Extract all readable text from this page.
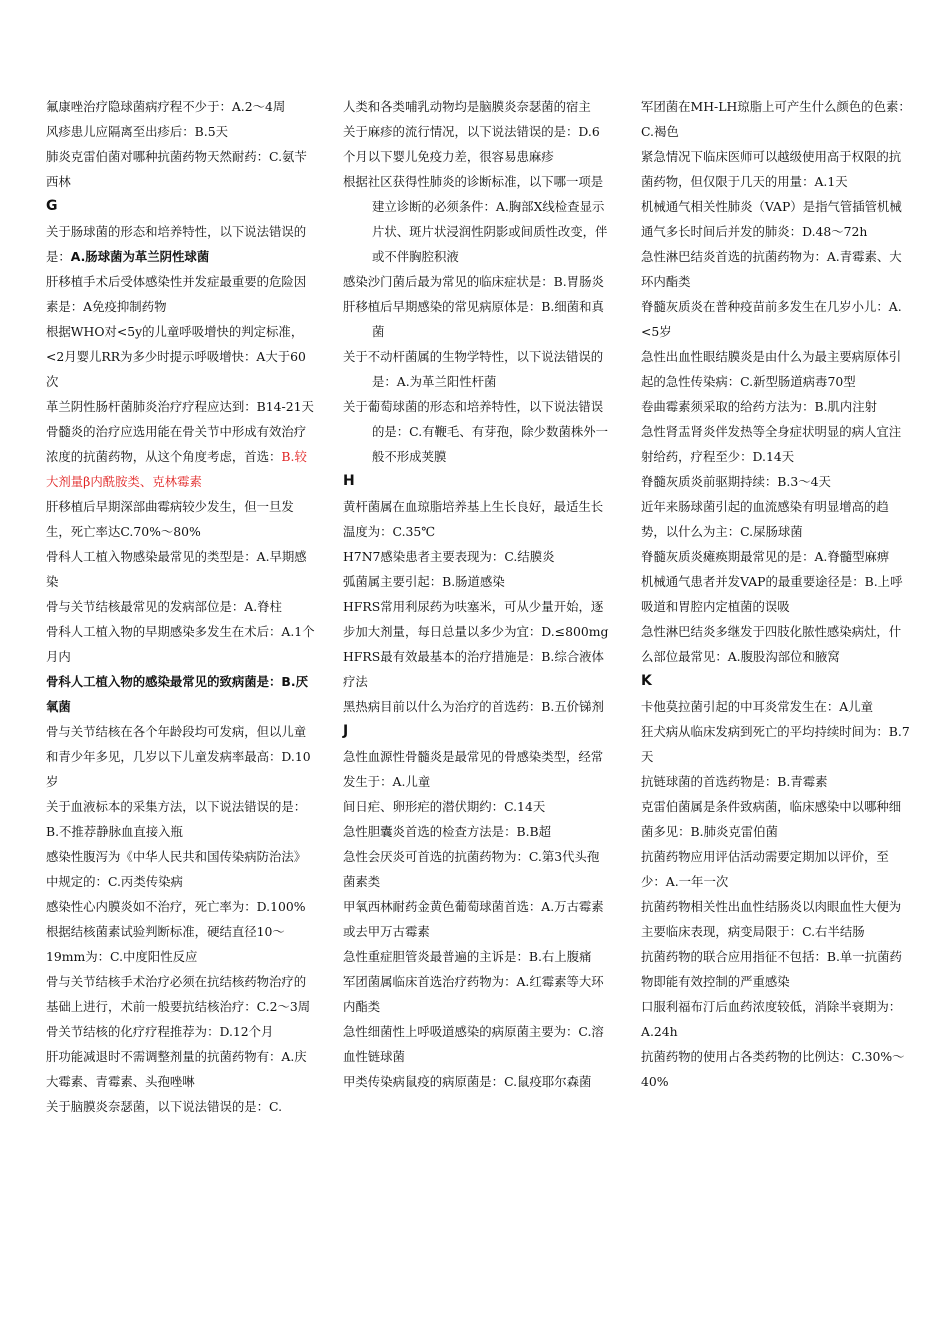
氟康唑治疗隐球菌病疗程不少于：A.2～4周

风疹患儿应隔离至出疹后：B.5天

肺炎克雷伯菌对哪种抗菌药物天然耐药：C.氨苄西林

G

关于肠球菌的形态和培养特性，以下说法错误的是：A.肠球菌为革兰阴性球菌

肝移植手术后受体感染性并发症最重要的危险因素是：A免疫抑制药物

根据WHO对<5y的儿童呼吸增快的判定标准，<2月婴儿RR为多少时提示呼吸增快：A大于60次

革兰阴性肠杆菌肺炎治疗疗程应达到：B14-21天

骨髓炎的治疗应选用能在骨关节中形成有效治疗浓度的抗菌药物，从这个角度考虑，首选：B.较大剂量β内酰胺类、克林霉素

肝移植后早期深部曲霉病较少发生，但一旦发生，死亡率达C.70%～80%

骨科人工植入物感染最常见的类型是：A.早期感染

骨与关节结核最常见的发病部位是：A.脊柱

骨科人工植入物的早期感染多发生在术后：A.1个月内

骨科人工植入物的感染最常见的致病菌是：B.厌氧菌

骨与关节结核在各个年龄段均可发病，但以儿童和青少年多见，几岁以下儿童发病率最高：D.10岁

关于血液标本的采集方法，以下说法错误的是：B.不推荐静脉血直接入瓶

感染性腹泻为《中华人民共和国传染病防治法》中规定的：C.丙类传染病

感染性心内膜炎如不治疗，死亡率为：D.100%

根据结核菌素试验判断标准，硬结直径10～19mm为：C.中度阳性反应

骨与关节结核手术治疗必须在抗结核药物治疗的基础上进行，术前一般要抗结核治疗：C.2～3周

骨关节结核的化疗疗程推荐为：D.12个月

肝功能减退时不需调整剂量的抗菌药物有：A.庆大霉素、青霉素、头孢唑啉

关于脑膜炎奈瑟菌，以下说法错误的是：C.

人类和各类哺乳动物均是脑膜炎奈瑟菌的宿主

关于麻疹的流行情况，以下说法错误的是：D.6个月以下婴儿免疫力差，很容易患麻疹

根据社区获得性肺炎的诊断标准，以下哪一项是建立诊断的必须条件：A.胸部X线检查显示片状、斑片状浸润性阴影或间质性改变，伴或不伴胸腔积液

感染沙门菌后最为常见的临床症状是：B.胃肠炎

肝移植后早期感染的常见病原体是：B.细菌和真菌

关于不动杆菌属的生物学特性，以下说法错误的是：A.为革兰阳性杆菌

关于葡萄球菌的形态和培养特性，以下说法错误的是：C.有鞭毛、有芽孢，除少数菌株外一般不形成荚膜

H

黄杆菌属在血琼脂培养基上生长良好，最适生长温度为：C.35℃

H7N7感染患者主要表现为：C.结膜炎

弧菌属主要引起：B.肠道感染

HFRS常用利尿药为呋塞米，可从少量开始，逐步加大剂量，每日总量以多少为宜：D.≤800mg

HFRS最有效最基本的治疗措施是：B.综合液体疗法

黑热病目前以什么为治疗的首选药：B.五价锑剂

J

急性血源性骨髓炎是最常见的骨感染类型，经常发生于：A.儿童

间日疟、卵形疟的潜伏期约：C.14天

急性胆囊炎首选的检查方法是：B.B超

急性会厌炎可首选的抗菌药物为：C.第3代头孢菌素类

甲氧西林耐药金黄色葡萄球菌首选：A.万古霉素或去甲万古霉素

急性重症胆管炎最普遍的主诉是：B.右上腹痛

军团菌属临床首选治疗药物为：A.红霉素等大环内酯类

急性细菌性上呼吸道感染的病原菌主要为：C.溶血性链球菌

甲类传染病鼠疫的病原菌是：C.鼠疫耶尔森菌

军团菌在MH-LH琼脂上可产生什么颜色的色素： C.褐色

紧急情况下临床医师可以越级使用高于权限的抗菌药物，但仅限于几天的用量：A.1天

机械通气相关性肺炎（VAP）是指气管插管机械通气多长时间后并发的肺炎：D.48～72h

急性淋巴结炎首选的抗菌药物为：A.青霉素、大环内酯类

脊髓灰质炎在普种疫苗前多发生在几岁小儿：A.<5岁

急性出血性眼结膜炎是由什么为最主要病原体引起的急性传染病：C.新型肠道病毒70型

卷曲霉素须采取的给药方法为：B.肌内注射

急性肾盂肾炎伴发热等全身症状明显的病人宜注射给药，疗程至少：D.14天

脊髓灰质炎前驱期持续：B.3～4天

近年来肠球菌引起的血流感染有明显增高的趋势，以什么为主：C.屎肠球菌

脊髓灰质炎瘫痪期最常见的是：A.脊髓型麻痹

机械通气患者并发VAP的最重要途径是：B.上呼吸道和胃腔内定植菌的误吸

急性淋巴结炎多继发于四肢化脓性感染病灶，什么部位最常见：A.腹股沟部位和腋窝

K

卡他莫拉菌引起的中耳炎常发生在：A儿童

狂犬病从临床发病到死亡的平均持续时间为：B.7天

抗链球菌的首选药物是：B.青霉素

克雷伯菌属是条件致病菌，临床感染中以哪种细菌多见：B.肺炎克雷伯菌

抗菌药物应用评估活动需要定期加以评价，至少：A.一年一次

抗菌药物相关性出血性结肠炎以肉眼血性大便为主要临床表现，病变局限于：C.右半结肠

抗菌药物的联合应用指征不包括：B.单一抗菌药物即能有效控制的严重感染

口服利福布汀后血药浓度较低，消除半衰期为：A.24h

抗菌药物的使用占各类药物的比例达：C.30%～40%
